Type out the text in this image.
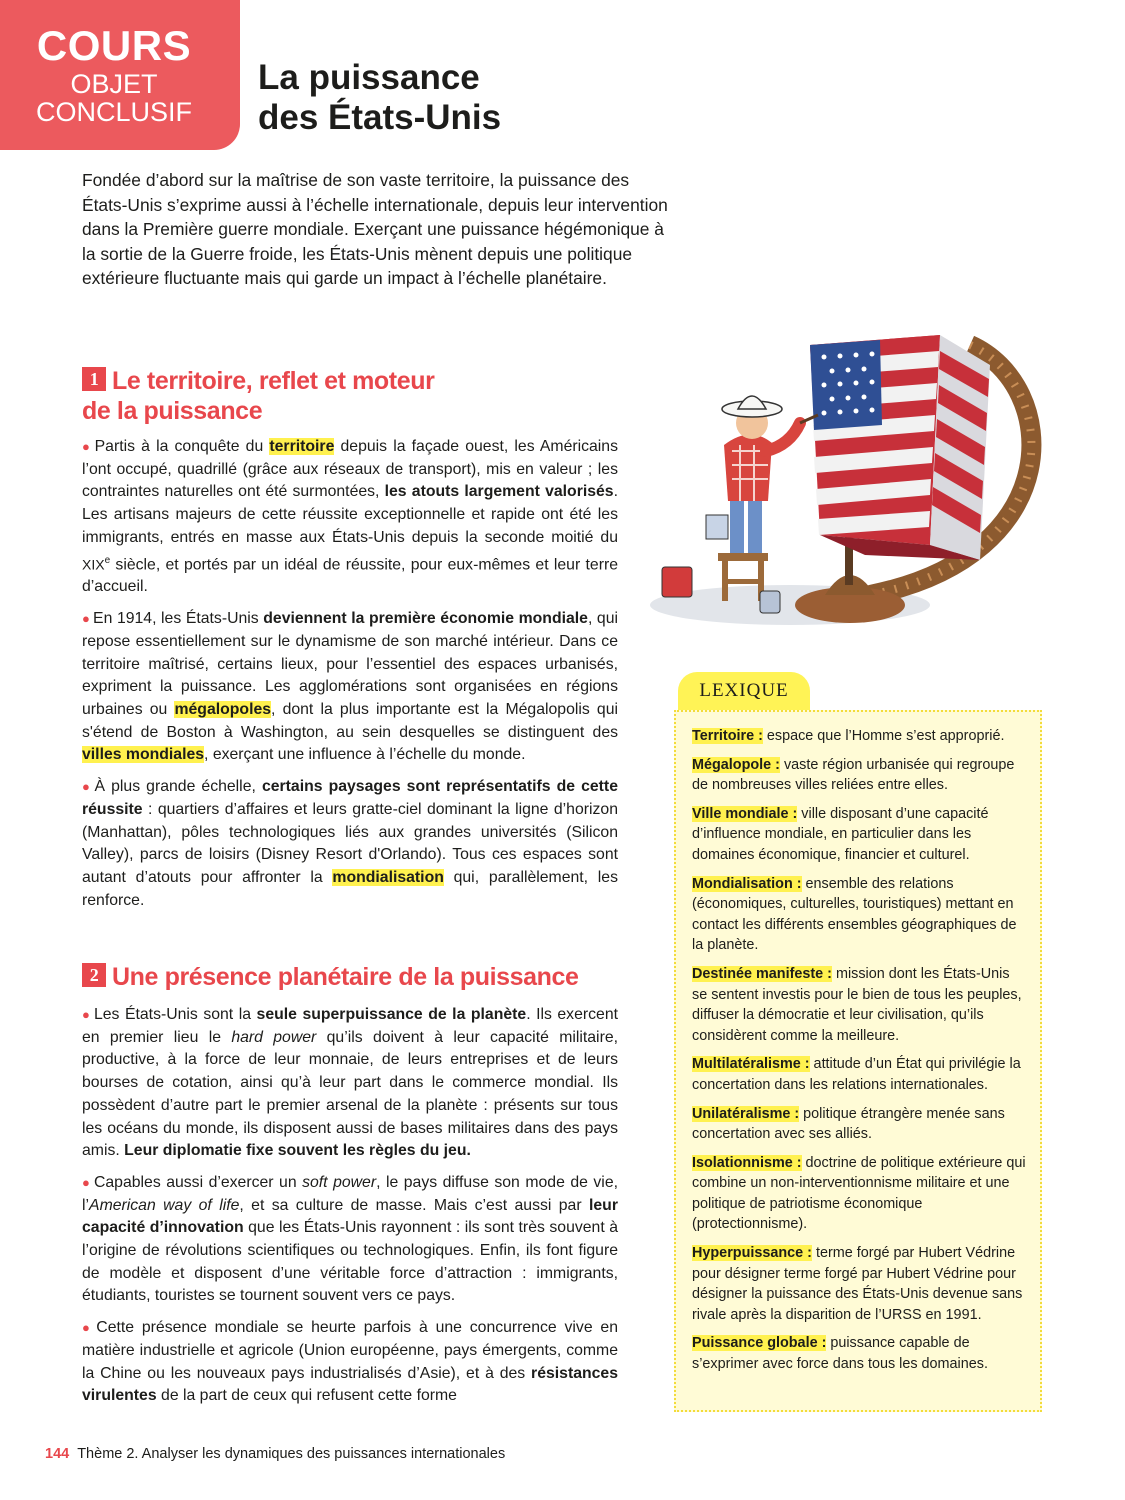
COURS
OBJET
CONCLUSIF
La puissance
des États-Unis
Fondée d’abord sur la maîtrise de son vaste territoire, la puissance des États-Unis s’exprime aussi à l’échelle internationale, depuis leur intervention dans la Première guerre mondiale. Exerçant une puissance hégémonique à la sortie de la Guerre froide, les États-Unis mènent depuis une politique extérieure fluctuante mais qui garde un impact à l’échelle planétaire.
1 Le territoire, reflet et moteur
de la puissance

● Partis à la conquête du territoire depuis la façade ouest, les Américains l’ont occupé, quadrillé (grâce aux réseaux de transport), mis en valeur ; les contraintes naturelles ont été surmontées, les atouts largement valorisés. Les artisans majeurs de cette réussite exceptionnelle et rapide ont été les immigrants, entrés en masse aux États-Unis depuis la seconde moitié du XIXe siècle, et portés par un idéal de réussite, pour eux-mêmes et leur terre d’accueil.

● En 1914, les États-Unis deviennent la première économie mondiale, qui repose essentiellement sur le dynamisme de son marché intérieur. Dans ce territoire maîtrisé, certains lieux, pour l’essentiel des espaces urbanisés, expriment la puissance. Les agglomérations sont organisées en régions urbaines ou mégalopoles, dont la plus importante est la Mégalopolis qui s'étend de Boston à Washington, au sein desquelles se distinguent des villes mondiales, exerçant une influence à l’échelle du monde.

● À plus grande échelle, certains paysages sont représentatifs de cette réussite : quartiers d’affaires et leurs gratte-ciel dominant la ligne d’horizon (Manhattan), pôles technologiques liés aux grandes universités (Silicon Valley), parcs de loisirs (Disney Resort d'Orlando). Tous ces espaces sont autant d’atouts pour affronter la mondialisation qui, parallèlement, les renforce.

2 Une présence planétaire de la puissance

● Les États-Unis sont la seule superpuissance de la planète. Ils exercent en premier lieu le hard power qu’ils doivent à leur capacité militaire, productive, à la force de leur monnaie, de leurs entreprises et de leurs bourses de cotation, ainsi qu’à leur part dans le commerce mondial. Ils possèdent d’autre part le premier arsenal de la planète : présents sur tous les océans du monde, ils disposent aussi de bases militaires dans des pays amis. Leur diplomatie fixe souvent les règles du jeu.

● Capables aussi d’exercer un soft power, le pays diffuse son mode de vie, l’American way of life, et sa culture de masse. Mais c’est aussi par leur capacité d’innovation que les États-Unis rayonnent : ils sont très souvent à l’origine de révolutions scientifiques ou technologiques. Enfin, ils font figure de modèle et disposent d’une véritable force d’attraction : immigrants, étudiants, touristes se tournent souvent vers ce pays.

● Cette présence mondiale se heurte parfois à une concurrence vive en matière industrielle et agricole (Union européenne, pays émergents, comme la Chine ou les nouveaux pays industrialisés d’Asie), et à des résistances virulentes de la part de ceux qui refusent cette forme

LEXIQUE

Territoire : espace que l’Homme s’est approprié.

Mégalopole : vaste région urbanisée qui regroupe de nombreuses villes reliées entre elles.

Ville mondiale : ville disposant d’une capacité d’influence mondiale, en particulier dans les domaines économique, financier et culturel.

Mondialisation : ensemble des relations (économiques, culturelles, touristiques) mettant en contact les différents ensembles géographiques de la planète.

Destinée manifeste : mission dont les États-Unis se sentent investis pour le bien de tous les peuples, diffuser la démocratie et leur civilisation, qu’ils considèrent comme la meilleure.

Multilatéralisme : attitude d’un État qui privilégie la concertation dans les relations internationales.

Unilatéralisme : politique étrangère menée sans concertation avec ses alliés.

Isolationnisme : doctrine de politique extérieure qui combine un non-interventionnisme militaire et une politique de patriotisme économique (protectionnisme).

Hyperpuissance : terme forgé par Hubert Védrine pour désigner terme forgé par Hubert Védrine pour désigner la puissance des États-Unis devenue sans rivale après la disparition de l’URSS en 1991.

Puissance globale : puissance capable de s’exprimer avec force dans tous les domaines.

144 Thème 2. Analyser les dynamiques des puissances internationales
